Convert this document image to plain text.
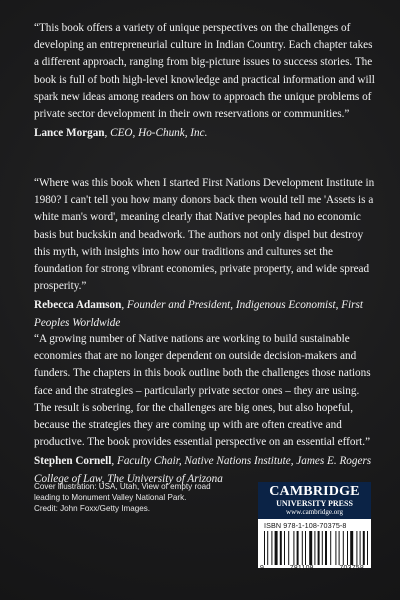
“This book offers a variety of unique perspectives on the challenges of developing an entrepreneurial culture in Indian Country. Each chapter takes a different approach, ranging from big-picture issues to success stories. The book is full of both high-level knowledge and practical information and will spark new ideas among readers on how to approach the unique problems of private sector development in their own reservations or communities.”

Lance Morgan, CEO, Ho-Chunk, Inc.

“Where was this book when I started First Nations Development Institute in 1980? I can't tell you how many donors back then would tell me 'Assets is a white man's word', meaning clearly that Native peoples had no economic basis but buckskin and beadwork. The authors not only dispel but destroy this myth, with insights into how our traditions and cultures set the foundation for strong vibrant economies, private property, and wide spread prosperity.”

Rebecca Adamson, Founder and President, Indigenous Economist, First Peoples Worldwide

“A growing number of Native nations are working to build sustainable economies that are no longer dependent on outside decision-makers and funders. The chapters in this book outline both the challenges those nations face and the strategies – particularly private sector ones – they are using. The result is sobering, for the challenges are big ones, but also hopeful, because the strategies they are coming up with are often creative and productive. The book provides essential perspective on an essential effort.”

Stephen Cornell, Faculty Chair, Native Nations Institute, James E. Rogers College of Law, The University of Arizona

Cover illustration: USA, Utah, View of empty road leading to Monument Valley National Park.

Credit: John Foxx/Getty Images.

CAMBRIDGE
UNIVERSITY PRESS
www.cambridge.org
ISBN 978-1-108-70375-8
9	781108	703758
